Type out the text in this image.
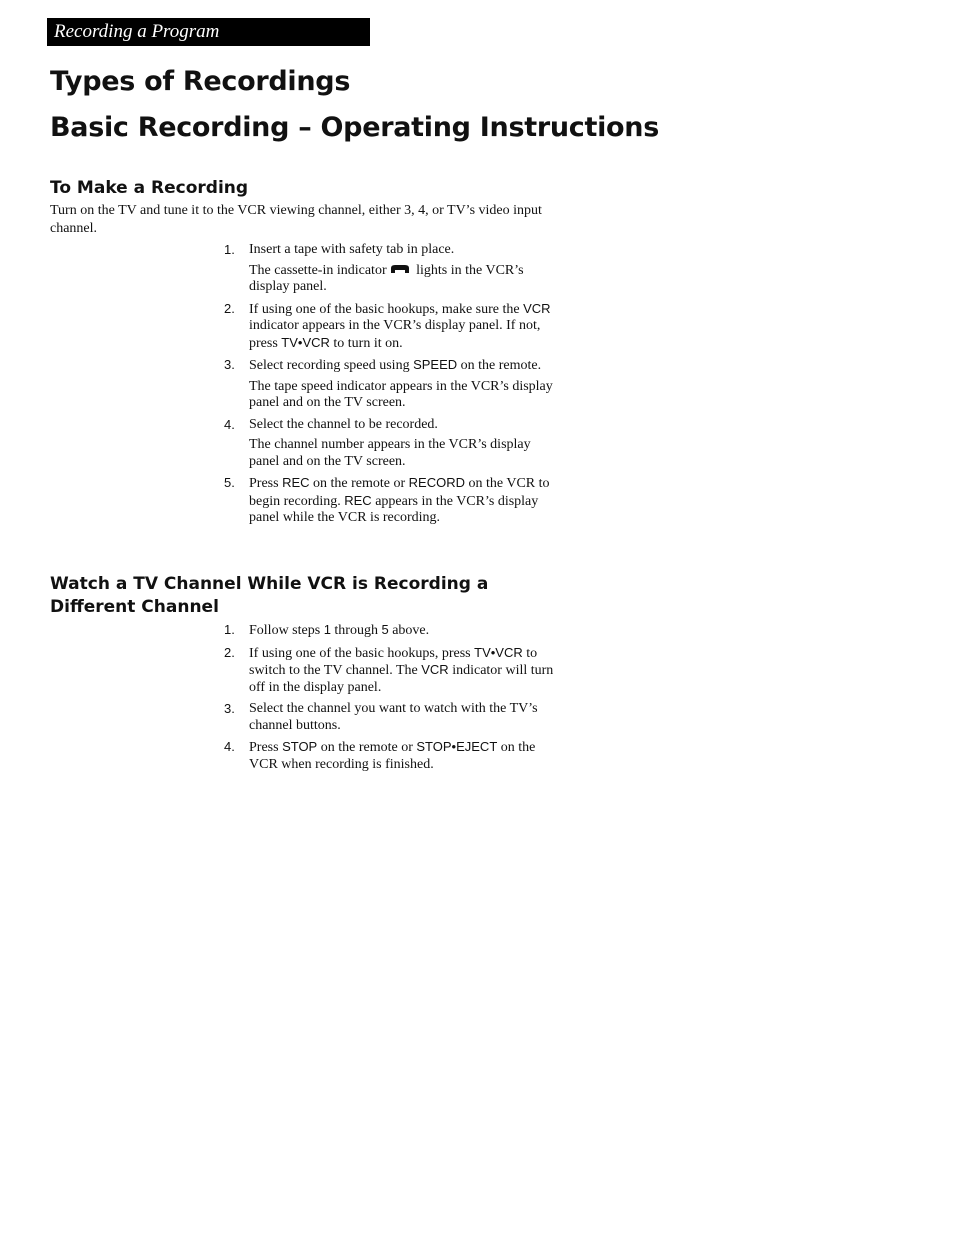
Recording a Program
Types of Recordings
Basic Recording – Operating Instructions
To Make a Recording

Turn on the TV and tune it to the VCR viewing channel, either 3, 4, or TV’s video input channel.

1. Insert a tape with safety tab in place.
The cassette-in indicator lights in the VCR’s display panel.
2. If using one of the basic hookups, make sure the VCR indicator appears in the VCR’s display panel. If not, press TV•VCR to turn it on.
3. Select recording speed using SPEED on the remote.
The tape speed indicator appears in the VCR’s display panel and on the TV screen.
4. Select the channel to be recorded.
The channel number appears in the VCR’s display panel and on the TV screen.
5. Press REC on the remote or RECORD on the VCR to begin recording. REC appears in the VCR’s display panel while the VCR is recording.
Watch a TV Channel While VCR is Recording a
Different Channel
1. Follow steps 1 through 5 above.
2. If using one of the basic hookups, press TV•VCR to switch to the TV channel. The VCR indicator will turn off in the display panel.
3. Select the channel you want to watch with the TV’s channel buttons.
4. Press STOP on the remote or STOP•EJECT on the VCR when recording is finished.
